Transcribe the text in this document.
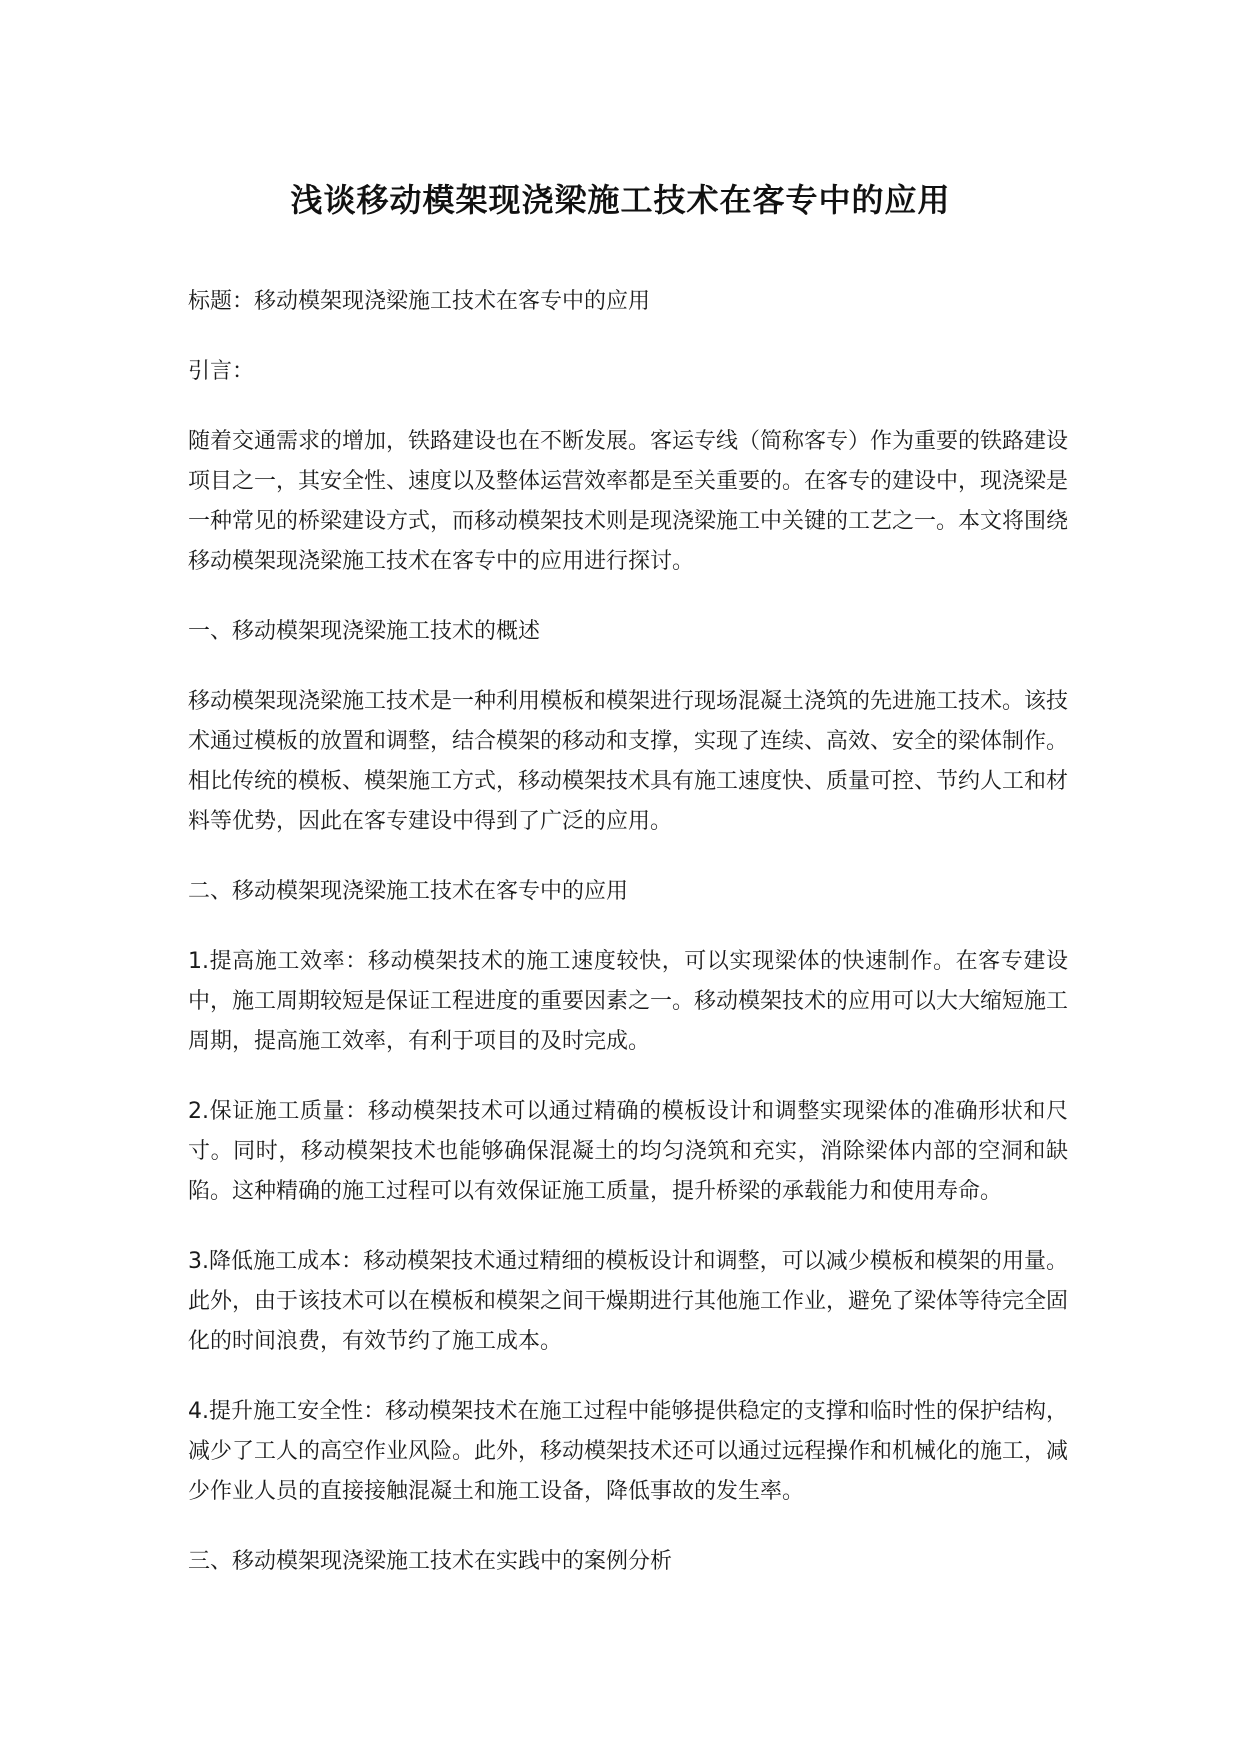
浅谈移动模架现浇梁施工技术在客专中的应用

标题：移动模架现浇梁施工技术在客专中的应用

引言：

随着交通需求的增加，铁路建设也在不断发展。客运专线（简称客专）作为重要的铁路建设项目之一，其安全性、速度以及整体运营效率都是至关重要的。在客专的建设中，现浇梁是一种常见的桥梁建设方式，而移动模架技术则是现浇梁施工中关键的工艺之一。本文将围绕移动模架现浇梁施工技术在客专中的应用进行探讨。

一、移动模架现浇梁施工技术的概述

移动模架现浇梁施工技术是一种利用模板和模架进行现场混凝土浇筑的先进施工技术。该技术通过模板的放置和调整，结合模架的移动和支撑，实现了连续、高效、安全的梁体制作。相比传统的模板、模架施工方式，移动模架技术具有施工速度快、质量可控、节约人工和材料等优势，因此在客专建设中得到了广泛的应用。

二、移动模架现浇梁施工技术在客专中的应用

1.提高施工效率：移动模架技术的施工速度较快，可以实现梁体的快速制作。在客专建设中，施工周期较短是保证工程进度的重要因素之一。移动模架技术的应用可以大大缩短施工周期，提高施工效率，有利于项目的及时完成。

2.保证施工质量：移动模架技术可以通过精确的模板设计和调整实现梁体的准确形状和尺寸。同时，移动模架技术也能够确保混凝土的均匀浇筑和充实，消除梁体内部的空洞和缺陷。这种精确的施工过程可以有效保证施工质量，提升桥梁的承载能力和使用寿命。

3.降低施工成本：移动模架技术通过精细的模板设计和调整，可以减少模板和模架的用量。此外，由于该技术可以在模板和模架之间干燥期进行其他施工作业，避免了梁体等待完全固化的时间浪费，有效节约了施工成本。

4.提升施工安全性：移动模架技术在施工过程中能够提供稳定的支撑和临时性的保护结构，减少了工人的高空作业风险。此外，移动模架技术还可以通过远程操作和机械化的施工，减少作业人员的直接接触混凝土和施工设备，降低事故的发生率。

三、移动模架现浇梁施工技术在实践中的案例分析
